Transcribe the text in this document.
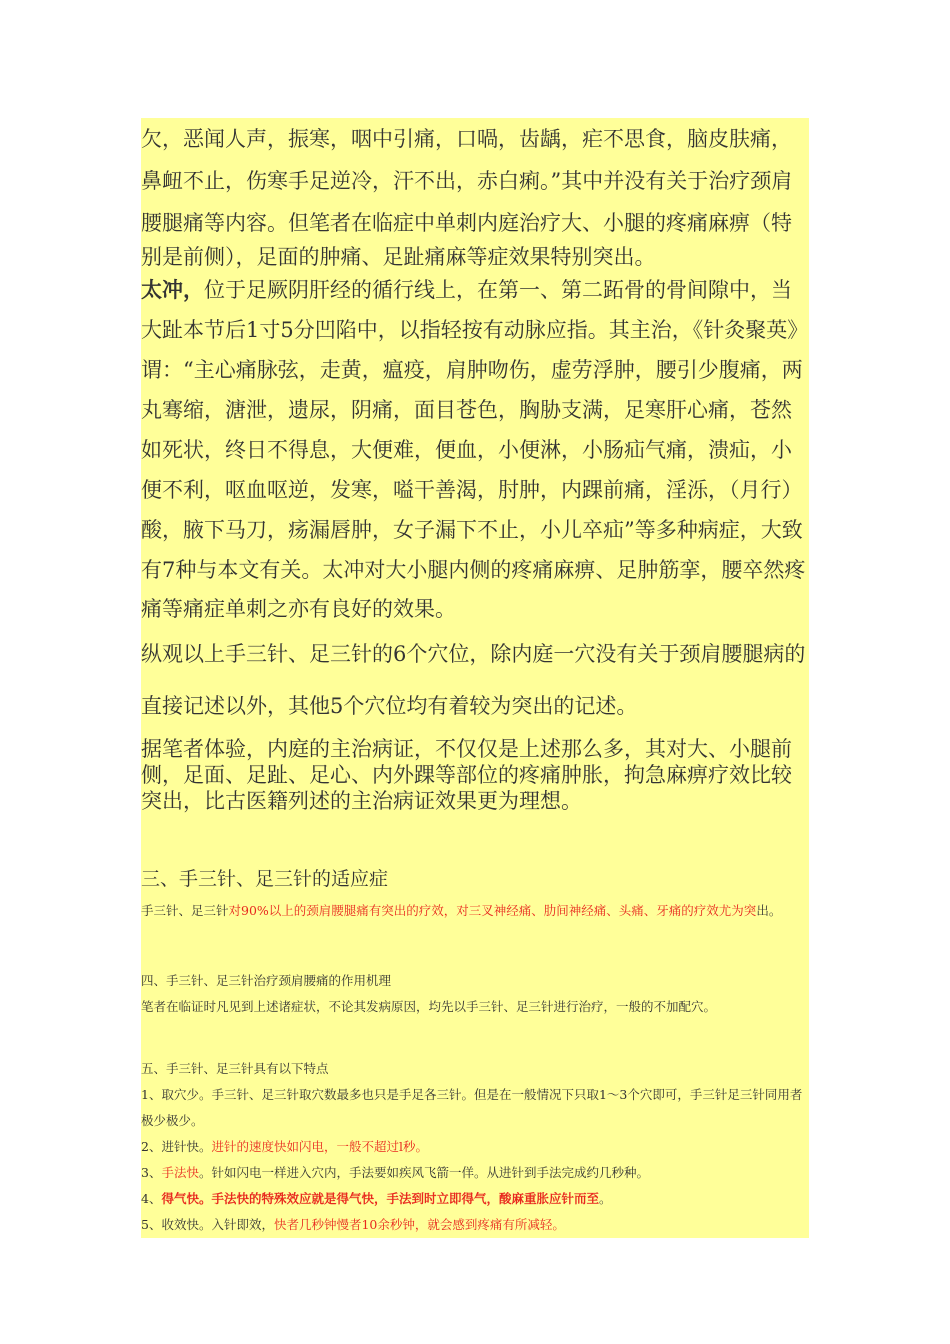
欠，恶闻人声，振寒，咽中引痛，口喎，齿龋，疟不思食，脑皮肤痛，鼻衄不止，伤寒手足逆冷，汗不出，赤白痢。”其中并没有关于治疗颈肩腰腿痛等内容。但笔者在临症中单刺内庭治疗大、小腿的疼痛麻痹（特别是前侧），足面的肿痛、足趾痛麻等症效果特别突出。

太冲，位于足厥阴肝经的循行线上，在第一、第二跖骨的骨间隙中，当大趾本节后1寸5分凹陷中，以指轻按有动脉应指。其主治，《针灸聚英》谓：“主心痛脉弦，走黄，瘟疫，肩肿吻伤，虚劳浮肿，腰引少腹痛，两丸骞缩，溏泄，遗尿，阴痛，面目苍色，胸胁支满，足寒肝心痛，苍然如死状，终日不得息，大便难，便血，小便淋，小肠疝气痛，溃疝，小便不利，呕血呕逆，发寒，嗌干善渴，肘肿，内踝前痛，淫泺，（月行）酸，腋下马刀，疡漏唇肿，女子漏下不止，小儿卒疝”等多种病症，大致有7种与本文有关。太冲对大小腿内侧的疼痛麻痹、足肿筋挛，腰卒然疼痛等痛症单刺之亦有良好的效果。

纵观以上手三针、足三针的6个穴位，除内庭一穴没有关于颈肩腰腿病的直接记述以外，其他5个穴位均有着较为突出的记述。

据笔者体验，内庭的主治病证，不仅仅是上述那么多，其对大、小腿前侧，足面、足趾、足心、内外踝等部位的疼痛肿胀，拘急麻痹疗效比较突出，比古医籍列述的主治病证效果更为理想。

三、手三针、足三针的适应症

手三针、足三针对90%以上的颈肩腰腿痛有突出的疗效，对三叉神经痛、肋间神经痛、头痛、牙痛的疗效尤为突出。

四、手三针、足三针治疗颈肩腰痛的作用机理

笔者在临证时凡见到上述诸症状，不论其发病原因，均先以手三针、足三针进行治疗，一般的不加配穴。

五、手三针、足三针具有以下特点

1、取穴少。手三针、足三针取穴数最多也只是手足各三针。但是在一般情况下只取1～3个穴即可，手三针足三针同用者极少极少。

2、进针快。进针的速度快如闪电，一般不超过l秒。

3、手法快。针如闪电一样进入穴内，手法要如疾风飞箭一佯。从进针到手法完成约几秒种。

4、得气快。手法快的特殊效应就是得气快，手法到时立即得气，酸麻重胀应针而至。

5、收效快。入针即效，快者几秒钟慢者10余秒钟，就会感到疼痛有所减轻。
